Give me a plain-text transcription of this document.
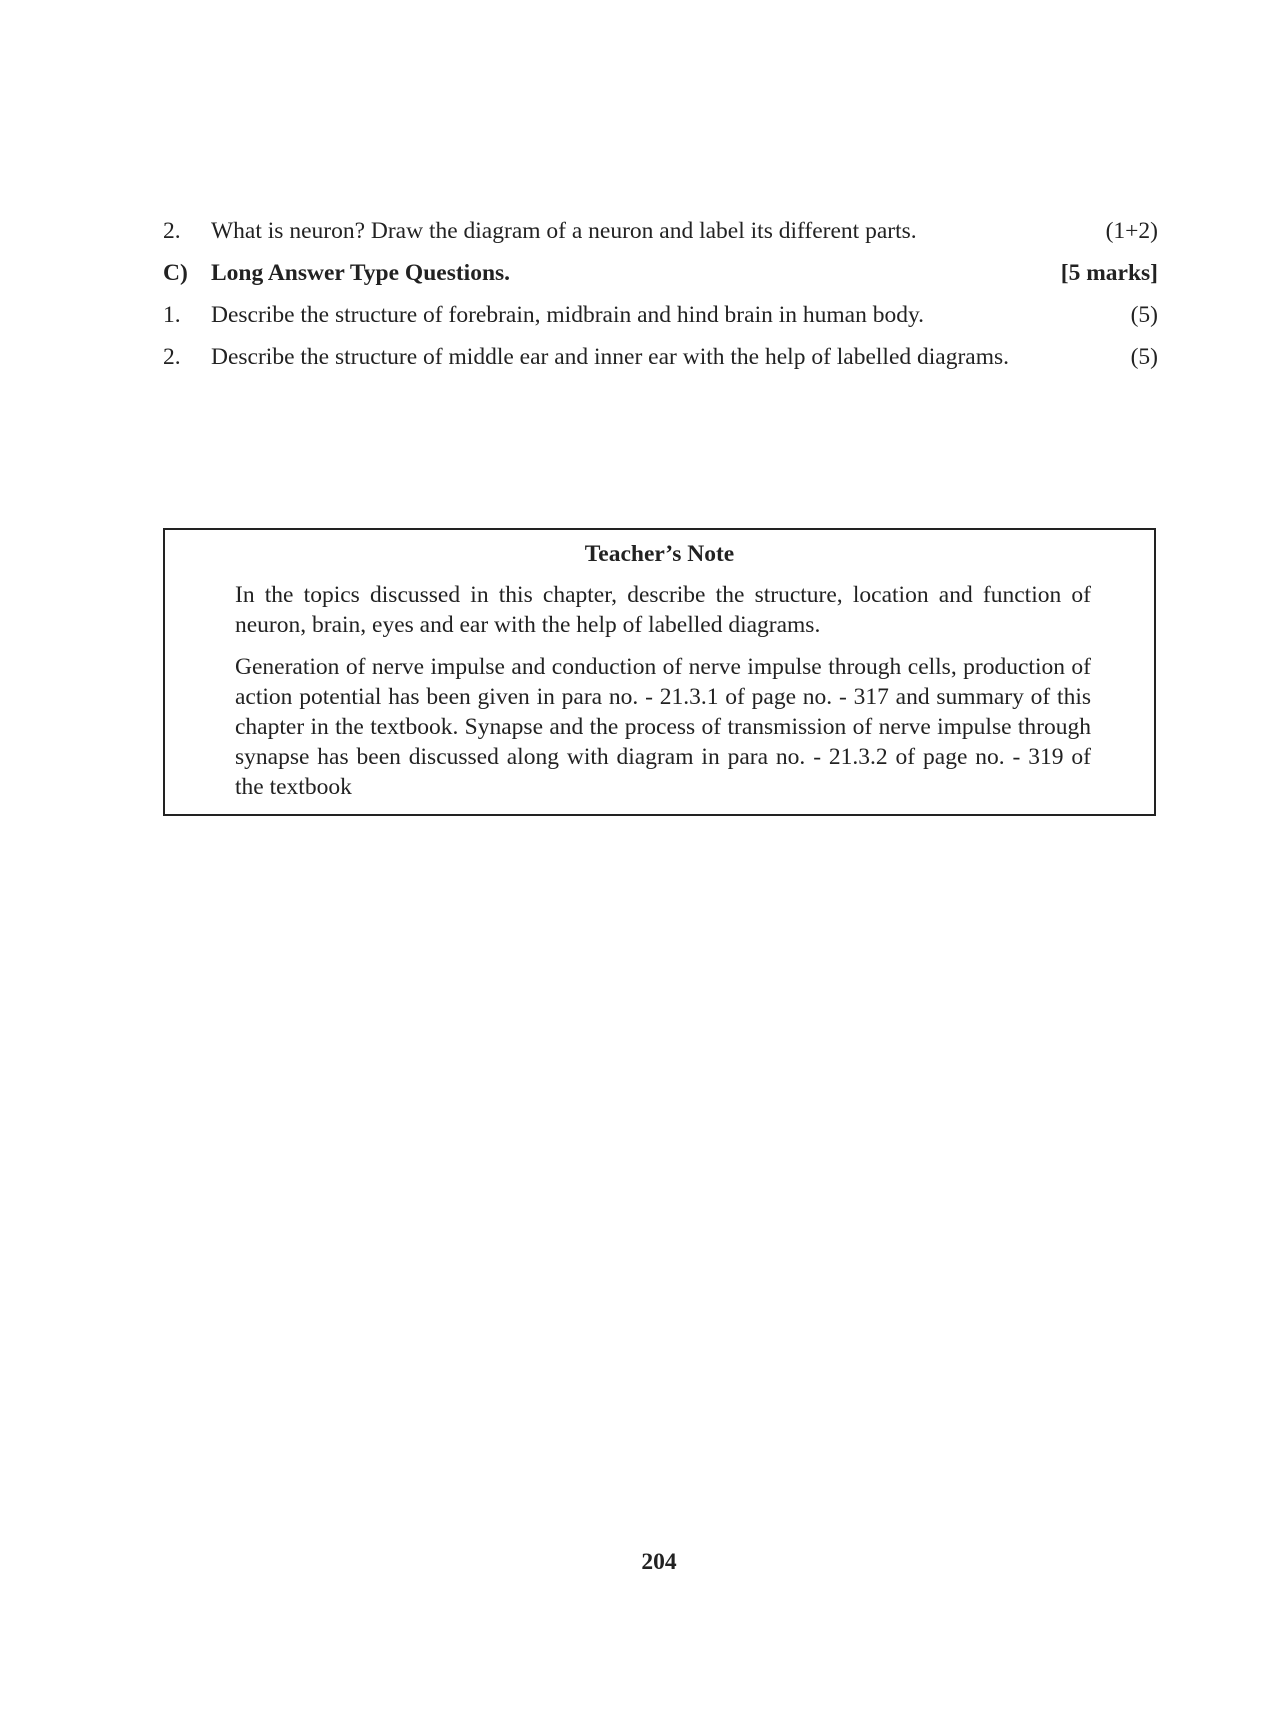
2.	What is neuron? Draw the diagram of a neuron and label its different parts.	(1+2)
C) Long Answer Type Questions.	[5 marks]
1.	Describe the structure of forebrain, midbrain and hind brain in human body.	(5)
2.	Describe the structure of middle ear and inner ear with the help of labelled diagrams.	(5)
Teacher’s Note

In the topics discussed in this chapter, describe the structure, location and function of neuron, brain, eyes and ear with the help of labelled diagrams.

Generation of nerve impulse and conduction of nerve impulse through cells, production of action potential has been given in para no. - 21.3.1 of page no. - 317 and summary of this chapter in the textbook. Synapse and the process of transmission of nerve impulse through synapse has been discussed along with diagram in para no. - 21.3.2 of page no. - 319 of the textbook

204
